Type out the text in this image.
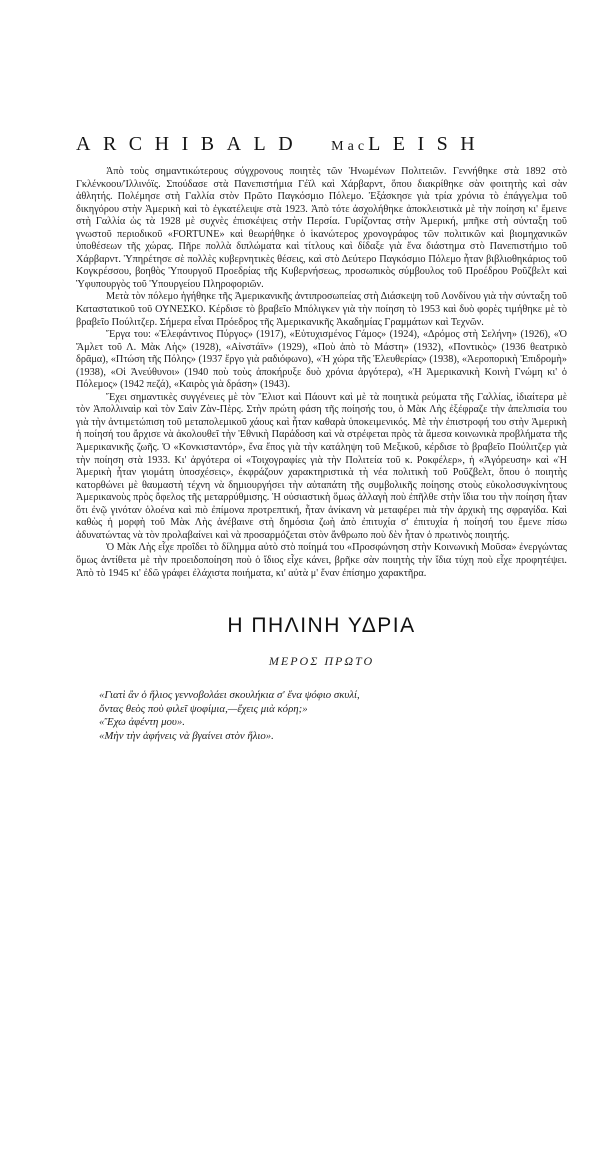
ARCHIBALD MacLEISH

Ἀπὸ τοὺς σημαντικώτερους σύγχρονους ποιητὲς τῶν Ἡνωμένων Πολιτειῶν. Γεννήθηκε στὰ 1892 στὸ Γκλένκοου/Ἰλλινόϊς. Σπούδασε στὰ Πανεπιστήμια Γέϊλ καὶ Χάρβαρντ, ὅπου διακρίθηκε σὰν φοιτητὴς καὶ σὰν ἀθλητής. Πολέμησε στὴ Γαλλία στὸν Πρῶτο Παγκόσμιο Πόλεμο. Ἐξάσκησε γιὰ τρία χρόνια τὸ ἐπάγγελμα τοῦ δικηγόρου στὴν Ἀμερικὴ καὶ τὸ ἐγκατέλειψε στὰ 1923. Ἀπὸ τότε ἀσχολήθηκε ἀποκλειστικὰ μὲ τὴν ποίηση κι' ἔμεινε στὴ Γαλλία ὡς τὰ 1928 μὲ συχνὲς ἐπισκέψεις στὴν Περσία. Γυρίζοντας στὴν Ἀμερική, μπῆκε στὴ σύνταξη τοῦ γνωστοῦ περιοδικοῦ «FORTUNE» καὶ θεωρήθηκε ὁ ἱκανώτερος χρονογράφος τῶν πολιτικῶν καὶ βιομηχανικῶν ὑποθέσεων τῆς χώρας. Πῆρε πολλὰ διπλώματα καὶ τίτλους καὶ δίδαξε γιὰ ἕνα διάστημα στὸ Πανεπιστήμιο τοῦ Χάρβαρντ. Ὑπηρέτησε σὲ πολλὲς κυβερνητικὲς θέσεις, καὶ στὸ Δεύτερο Παγκόσμιο Πόλεμο ἦταν βιβλιοθηκάριος τοῦ Κογκρέσσου, βοηθὸς Ὑπουργοῦ Προεδρίας τῆς Κυβερνήσεως, προσωπικὸς σύμβουλος τοῦ Προέδρου Ροῦζβελτ καὶ Ὑφυπουργὸς τοῦ Ὑπουργείου Πληροφοριῶν.

Μετὰ τὸν πόλεμο ἡγήθηκε τῆς Ἀμερικανικῆς ἀντιπροσωπείας στὴ Διάσκεψη τοῦ Λονδίνου γιὰ τὴν σύνταξη τοῦ Καταστατικοῦ τοῦ ΟΥΝΕΣΚΟ. Κέρδισε τὸ βραβεῖο Μπόλιγκεν γιὰ τὴν ποίηση τὸ 1953 καὶ δυὸ φορὲς τιμήθηκε μὲ τὸ βραβεῖο Πούλιτζερ. Σήμερα εἶναι Πρόεδρος τῆς Ἀμερικανικῆς Ἀκαδημίας Γραμμάτων καὶ Τεχνῶν.

Ἔργα του: «Ἐλεφάντινος Πύργος» (1917), «Εὐτυχισμένος Γάμος» (1924), «Δρόμος στὴ Σελήνη» (1926), «Ὁ Ἄμλετ τοῦ Λ. Μὰκ Λὴς» (1928), «Αἰνστάϊν» (1929), «Ποὺ ἀπὸ τὸ Μάστη» (1932), «Ποντικὸς» (1936 θεατρικὸ δρᾶμα), «Πτώση τῆς Πόλης» (1937 ἔργο γιὰ ραδιόφωνο), «Ἡ χώρα τῆς Ἐλευθερίας» (1938), «Ἀεροπορικὴ Ἐπιδρομὴ» (1938), «Οἱ Ἀνεύθυνοι» (1940 ποὺ τοὺς ἀποκήρυξε δυὸ χρόνια ἀργότερα), «Ἡ Ἀμερικανικὴ Κοινὴ Γνώμη κι' ὁ Πόλεμος» (1942 πεζά), «Καιρὸς γιὰ δράση» (1943).

Ἔχει σημαντικὲς συγγένειες μὲ τὸν Ἔλιοτ καὶ Πάουντ καὶ μὲ τὰ ποιητικὰ ρεύματα τῆς Γαλλίας, ἰδιαίτερα μὲ τὸν Ἀπολλιναὶρ καὶ τὸν Σαὶν Ζὰν-Πὲρς. Στὴν πρώτη φάση τῆς ποίησής του, ὁ Μὰκ Λὴς ἐξέφραζε τὴν ἀπελπισία του γιὰ τὴν ἀντιμετώπιση τοῦ μεταπολεμικοῦ χάους καὶ ἦταν καθαρὰ ὑποκειμενικός. Μὲ τὴν ἐπιστροφή του στὴν Ἀμερικὴ ἡ ποίησή του ἄρχισε νὰ ἀκολουθεῖ τὴν Ἐθνικὴ Παράδοση καὶ νὰ στρέφεται πρὸς τὰ ἄμεσα κοινωνικὰ προβλήματα τῆς Ἀμερικανικῆς ζωῆς. Ὁ «Κονκισταντόρ», ἔνα ἔπος γιὰ τὴν κατάληψη τοῦ Μεξικοῦ, κέρδισε τὸ βραβεῖο Πούλιτζερ γιὰ τὴν ποίηση στὰ 1933. Κι' ἀργότερα οἱ «Τοιχογραφίες γιὰ τὴν Πολιτεία τοῦ κ. Ροκφέλερ», ἡ «Ἀγόρευση» καὶ «Ἡ Ἀμερικὴ ἦταν γιομάτη ὑποσχέσεις», ἐκφράζουν χαρακτηριστικὰ τὴ νέα πολιτικὴ τοῦ Ροῦζβελτ, ὅπου ὁ ποιητὴς κατορθώνει μὲ θαυμαστὴ τέχνη νὰ δημιουργήσει τὴν αὐταπάτη τῆς συμβολικῆς ποίησης στοὺς εὐκολοσυγκίνητους Ἀμερικανοὺς πρὸς ὄφελος τῆς μεταρρύθμισης. Ἡ οὐσιαστικὴ ὅμως ἀλλαγὴ ποὺ ἐπῆλθε στὴν ἴδια του τὴν ποίηση ἦταν ὅτι ἐνῷ γινόταν ὁλοένα καὶ πιὸ ἐπίμονα προτρεπτική, ἦταν ἀνίκανη νὰ μεταφέρει πιὰ τὴν ἀρχικὴ της σφραγίδα. Καὶ καθὼς ἡ μορφὴ τοῦ Μὰκ Λὴς ἀνέβαινε στὴ δημόσια ζωὴ ἀπὸ ἐπιτυχία σ' ἐπιτυχία ἡ ποίησή του ἔμενε πίσω ἀδυνατώντας νὰ τὸν προλαβαίνει καὶ νὰ προσαρμόζεται στὸν ἄνθρωπο ποὺ δὲν ἦταν ὁ πρωτινὸς ποιητής.

Ὁ Μὰκ Λὴς εἶχε προΐδει τὸ δίλημμα αὐτὸ στὸ ποίημά του «Προσφώνηση στὴν Κοινωνικὴ Μοῦσα» ἐνεργώντας ὅμως ἀντίθετα μὲ τὴν προειδοποίηση ποὺ ὁ ἴδιος εἶχε κάνει, βρῆκε σὰν ποιητὴς τὴν ἴδια τύχη ποὺ εἶχε προφητέψει. Ἀπὸ τὸ 1945 κι' ἐδῶ γράφει ἐλάχιστα ποιήματα, κι' αὐτὰ μ' ἕναν ἐπίσημο χαρακτῆρα.

Η ΠΗΛΙΝΗ ΥΔΡΙΑ
ΜΕΡΟΣ ΠΡΩΤΟ
«Γιατὶ ἂν ὁ ἥλιος γεννοβολάει σκουλήκια σ' ἕνα ψόφιο σκυλί,
ὄντας θεὸς ποὺ φιλεῖ ψοφίμια,—ἔχεις μιὰ κόρη;»
«Ἔχω ἀφέντη μου».
«Μὴν τὴν ἀφήνεις νὰ βγαίνει στὸν ἥλιο».
